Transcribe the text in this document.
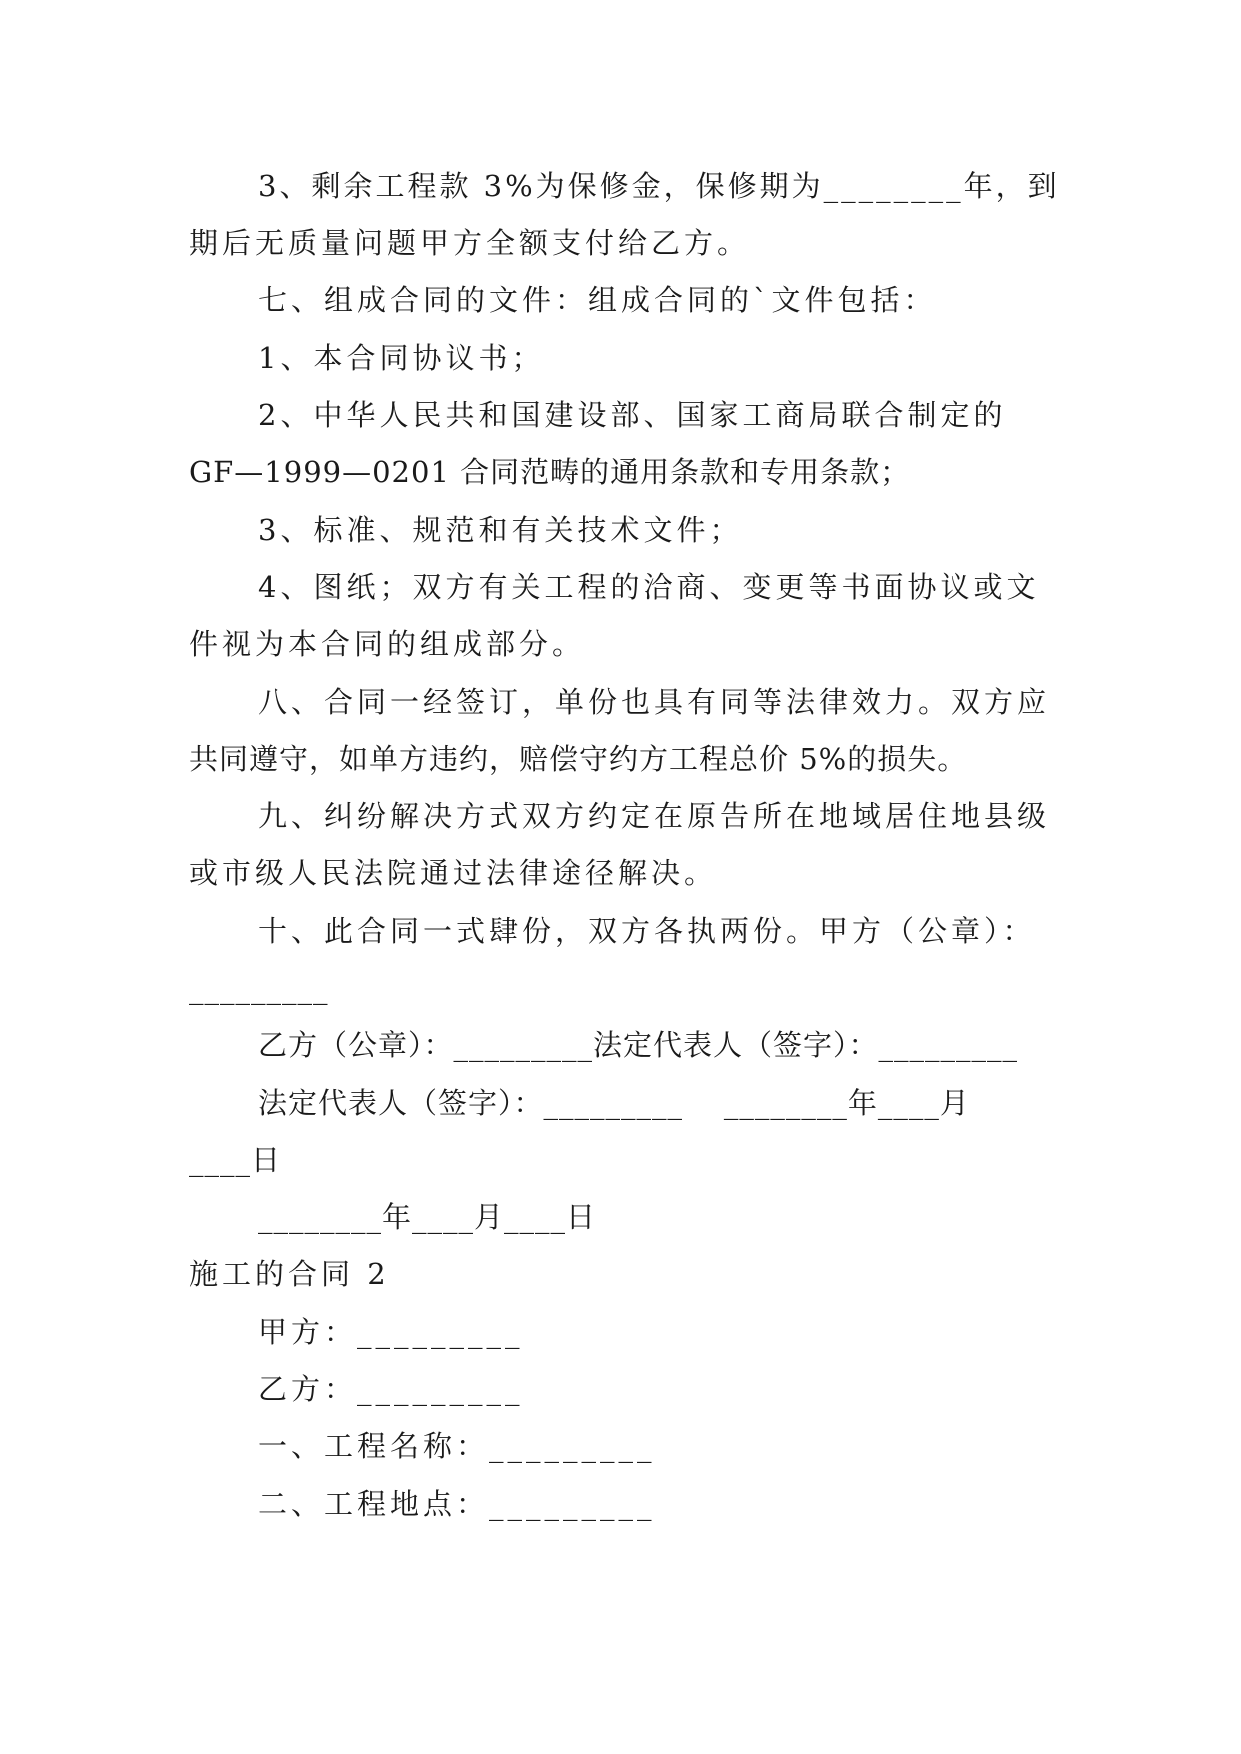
3、剩余工程款 3%为保修金，保修期为________年，到

期后无质量问题甲方全额支付给乙方。

七、组成合同的文件：组成合同的`文件包括：

1、本合同协议书；

2、中华人民共和国建设部、国家工商局联合制定的

GF—1999—0201 合同范畴的通用条款和专用条款；

3、标准、规范和有关技术文件；

4、图纸；双方有关工程的洽商、变更等书面协议或文

件视为本合同的组成部分。

八、合同一经签订，单份也具有同等法律效力。双方应

共同遵守，如单方违约，赔偿守约方工程总价 5%的损失。

九、纠纷解决方式双方约定在原告所在地域居住地县级

或市级人民法院通过法律途径解决。

十、此合同一式肆份，双方各执两份。甲方（公章）：

_________

乙方（公章）：_________法定代表人（签字）：_________

法定代表人（签字）：_________    ________年____月

____日

________年____月____日

施工的合同 2

甲方：_________

乙方：_________

一、工程名称：_________

二、工程地点：_________
